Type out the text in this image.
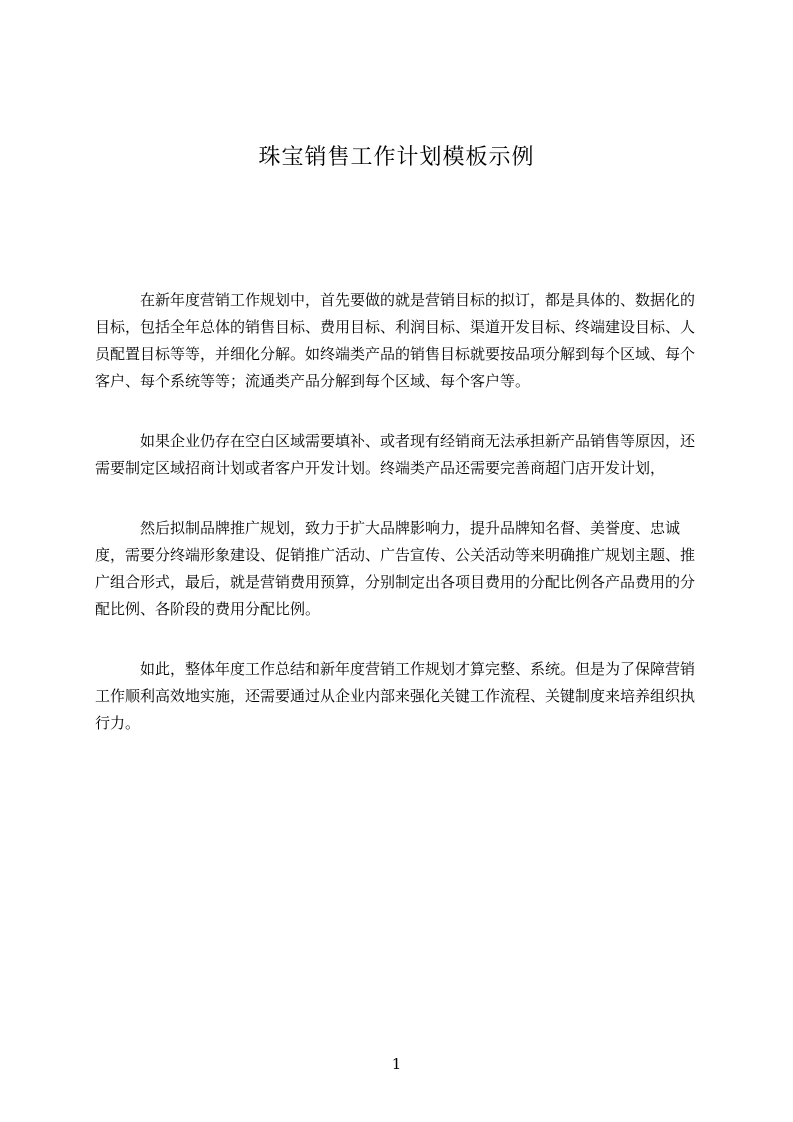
珠宝销售工作计划模板示例

在新年度营销工作规划中，首先要做的就是营销目标的拟订，都是具体的、数据化的目标，包括全年总体的销售目标、费用目标、利润目标、渠道开发目标、终端建设目标、人员配置目标等等，并细化分解。如终端类产品的销售目标就要按品项分解到每个区域、每个客户、每个系统等等；流通类产品分解到每个区域、每个客户等。

如果企业仍存在空白区域需要填补、或者现有经销商无法承担新产品销售等原因，还需要制定区域招商计划或者客户开发计划。终端类产品还需要完善商超门店开发计划，

然后拟制品牌推广规划，致力于扩大品牌影响力，提升品牌知名督、美誉度、忠诚度，需要分终端形象建设、促销推广活动、广告宣传、公关活动等来明确推广规划主题、推广组合形式，最后，就是营销费用预算，分别制定出各项目费用的分配比例各产品费用的分配比例、各阶段的费用分配比例。

如此，整体年度工作总结和新年度营销工作规划才算完整、系统。但是为了保障营销工作顺利高效地实施，还需要通过从企业内部来强化关键工作流程、关键制度来培养组织执行力。

1
